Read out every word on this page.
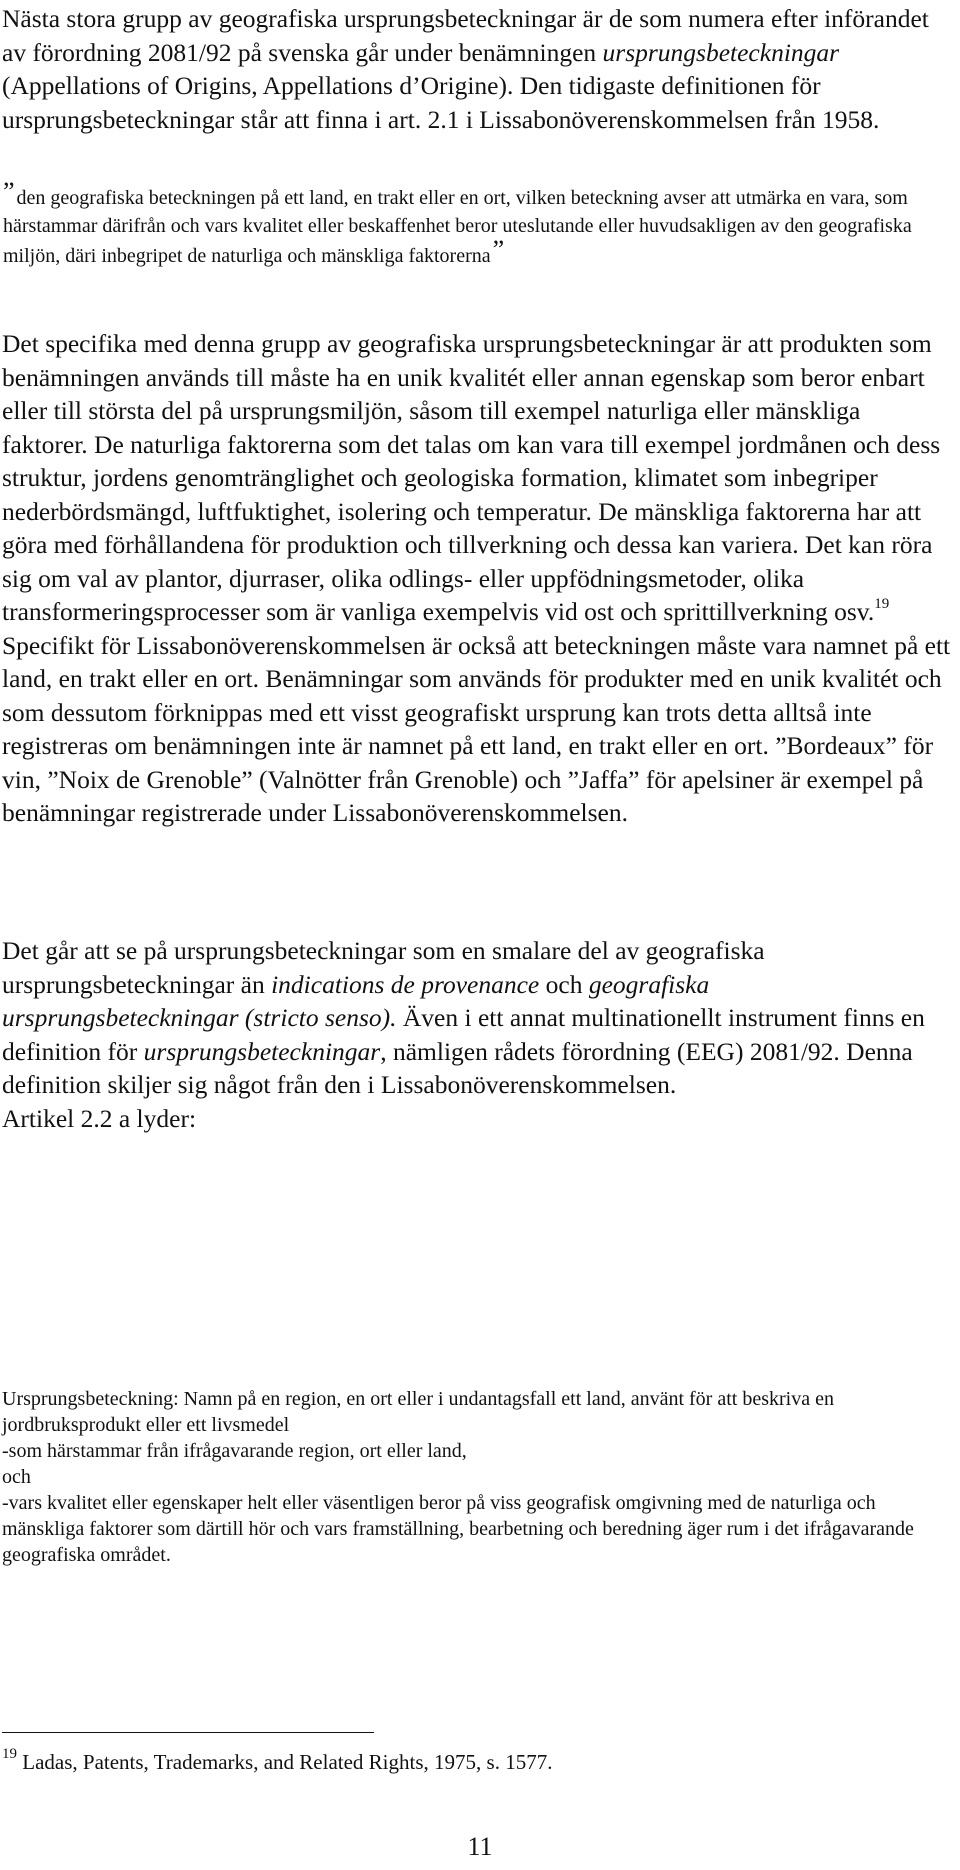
Nästa stora grupp av geografiska ursprungsbeteckningar är de som numera efter införandet av förordning 2081/92 på svenska går under benämningen ursprungsbeteckningar (Appellations of Origins, Appellations d’Origine). Den tidigaste definitionen för ursprungsbeteckningar står att finna i art. 2.1 i Lissabonöverenskommelsen från 1958.

” den geografiska beteckningen på ett land, en trakt eller en ort, vilken beteckning avser att utmärka en vara, som härstammar därifrån och vars kvalitet eller beskaffenhet beror uteslutande eller huvudsakligen av den geografiska miljön, däri inbegripet de naturliga och mänskliga faktorerna”

Det specifika med denna grupp av geografiska ursprungsbeteckningar är att produkten som benämningen används till måste ha en unik kvalitét eller annan egenskap som beror enbart eller till största del på ursprungsmiljön, såsom till exempel naturliga eller mänskliga faktorer. De naturliga faktorerna som det talas om kan vara till exempel jordmånen och dess struktur, jordens genomtränglighet och geologiska formation, klimatet som inbegriper nederbördsmängd, luftfuktighet, isolering och temperatur. De mänskliga faktorerna har att göra med förhållandena för produktion och tillverkning och dessa kan variera. Det kan röra sig om val av plantor, djurraser, olika odlings- eller uppfödningsmetoder, olika transformeringsprocesser som är vanliga exempelvis vid ost och sprittillverkning osv.$^{19}$ Specifikt för Lissabonöverenskommelsen är också att beteckningen måste vara namnet på ett land, en trakt eller en ort. Benämningar som används för produkter med en unik kvalitét och som dessutom förknippas med ett visst geografiskt ursprung kan trots detta alltså inte registreras om benämningen inte är namnet på ett land, en trakt eller en ort. ”Bordeaux” för vin, ”Noix de Grenoble” (Valnötter från Grenoble) och ”Jaffa” för apelsiner är exempel på benämningar registrerade under Lissabonöverenskommelsen.

Det går att se på ursprungsbeteckningar som en smalare del av geografiska ursprungsbeteckningar än indications de provenance och geografiska ursprungsbeteckningar (stricto senso). Även i ett annat multinationellt instrument finns en definition för ursprungsbeteckningar, nämligen rådets förordning (EEG) 2081/92. Denna definition skiljer sig något från den i Lissabonöverenskommelsen.
Artikel 2.2 a lyder:

Ursprungsbeteckning: Namn på en region, en ort eller i undantagsfall ett land, använt för att beskriva en jordbruksprodukt eller ett livsmedel
-som härstammar från ifrågavarande region, ort eller land,
och
-vars kvalitet eller egenskaper helt eller väsentligen beror på viss geografisk omgivning med de naturliga och mänskliga faktorer som därtill hör och vars framställning, bearbetning och beredning äger rum i det ifrågavarande geografiska området.

$^{19}$ Ladas, Patents, Trademarks, and Related Rights, 1975, s. 1577.

11
